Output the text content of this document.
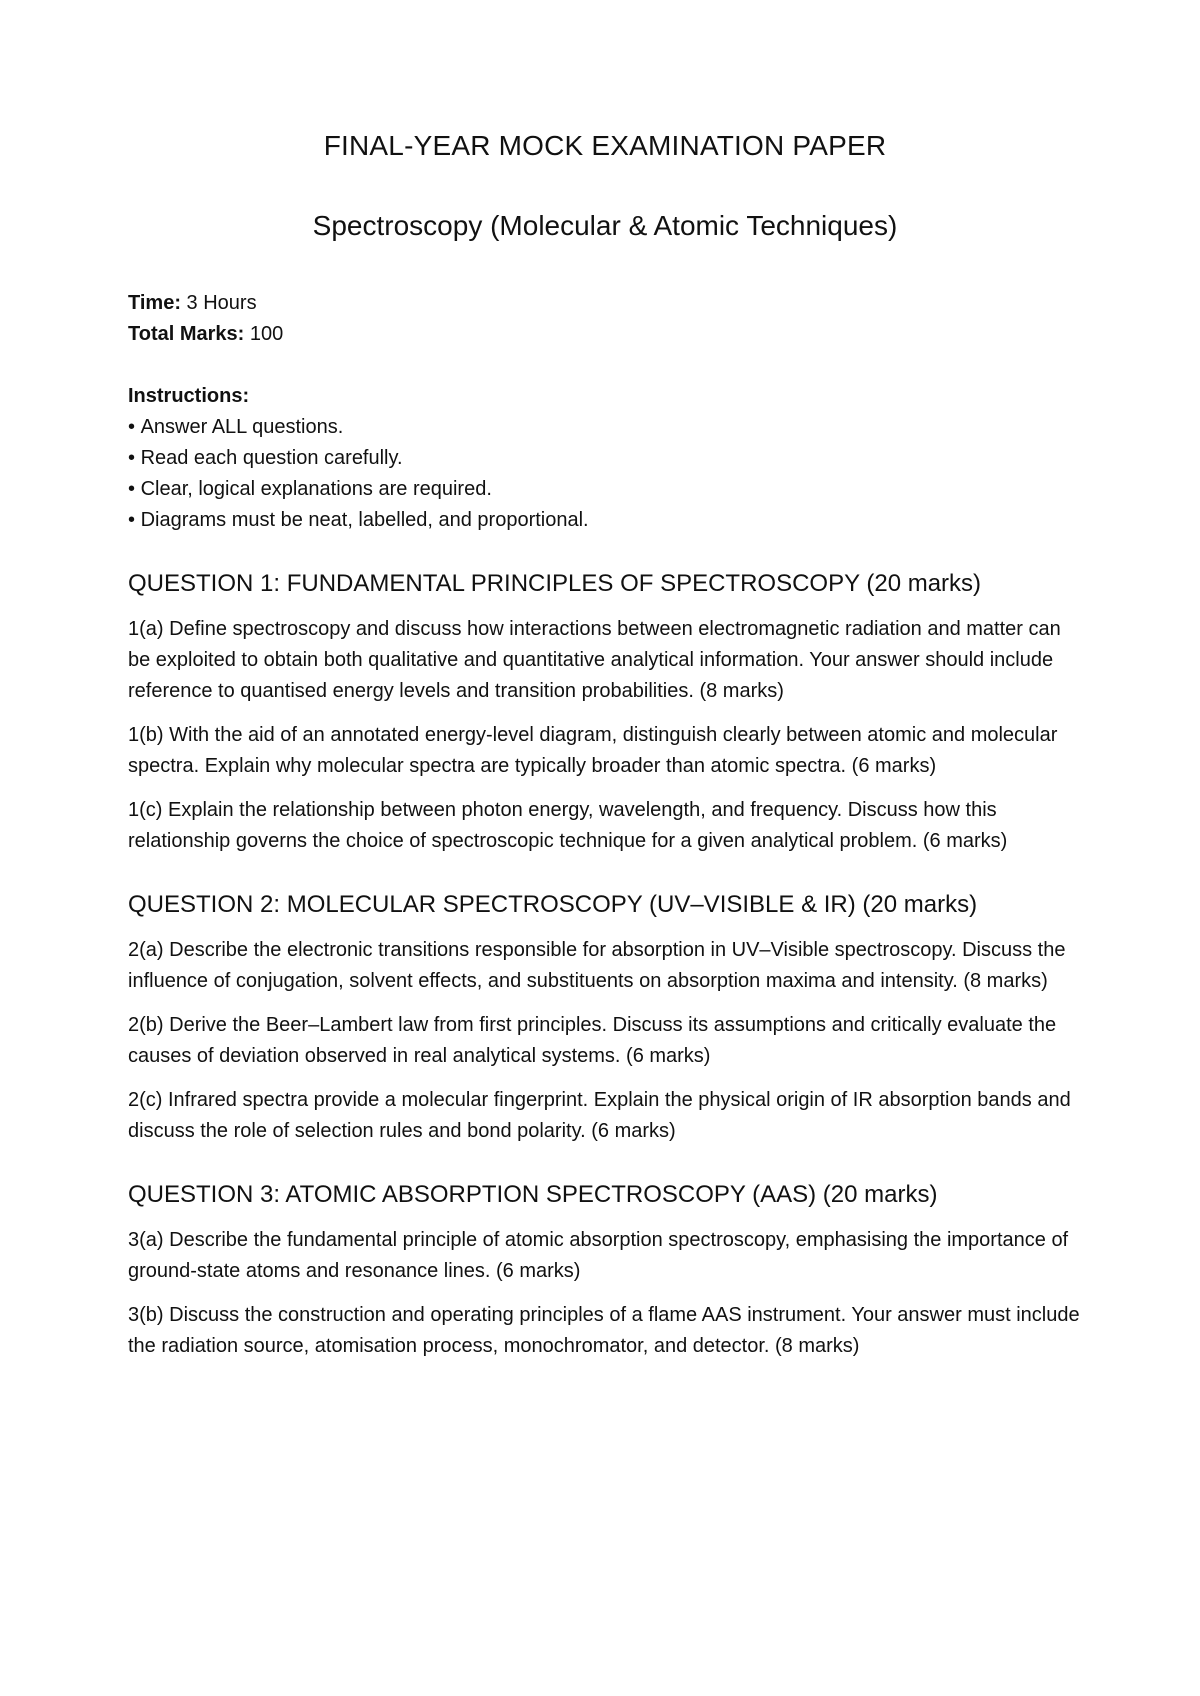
FINAL-YEAR MOCK EXAMINATION PAPER
Spectroscopy (Molecular & Atomic Techniques)
Time: 3 Hours
Total Marks: 100
Instructions:
• Answer ALL questions.
• Read each question carefully.
• Clear, logical explanations are required.
• Diagrams must be neat, labelled, and proportional.
QUESTION 1: FUNDAMENTAL PRINCIPLES OF SPECTROSCOPY (20 marks)

1(a) Define spectroscopy and discuss how interactions between electromagnetic radiation and matter can be exploited to obtain both qualitative and quantitative analytical information. Your answer should include reference to quantised energy levels and transition probabilities. (8 marks)

1(b) With the aid of an annotated energy-level diagram, distinguish clearly between atomic and molecular spectra. Explain why molecular spectra are typically broader than atomic spectra. (6 marks)

1(c) Explain the relationship between photon energy, wavelength, and frequency. Discuss how this relationship governs the choice of spectroscopic technique for a given analytical problem. (6 marks)

QUESTION 2: MOLECULAR SPECTROSCOPY (UV–VISIBLE & IR) (20 marks)

2(a) Describe the electronic transitions responsible for absorption in UV–Visible spectroscopy. Discuss the influence of conjugation, solvent effects, and substituents on absorption maxima and intensity. (8 marks)

2(b) Derive the Beer–Lambert law from first principles. Discuss its assumptions and critically evaluate the causes of deviation observed in real analytical systems. (6 marks)

2(c) Infrared spectra provide a molecular fingerprint. Explain the physical origin of IR absorption bands and discuss the role of selection rules and bond polarity. (6 marks)

QUESTION 3: ATOMIC ABSORPTION SPECTROSCOPY (AAS) (20 marks)

3(a) Describe the fundamental principle of atomic absorption spectroscopy, emphasising the importance of ground-state atoms and resonance lines. (6 marks)

3(b) Discuss the construction and operating principles of a flame AAS instrument. Your answer must include the radiation source, atomisation process, monochromator, and detector. (8 marks)
